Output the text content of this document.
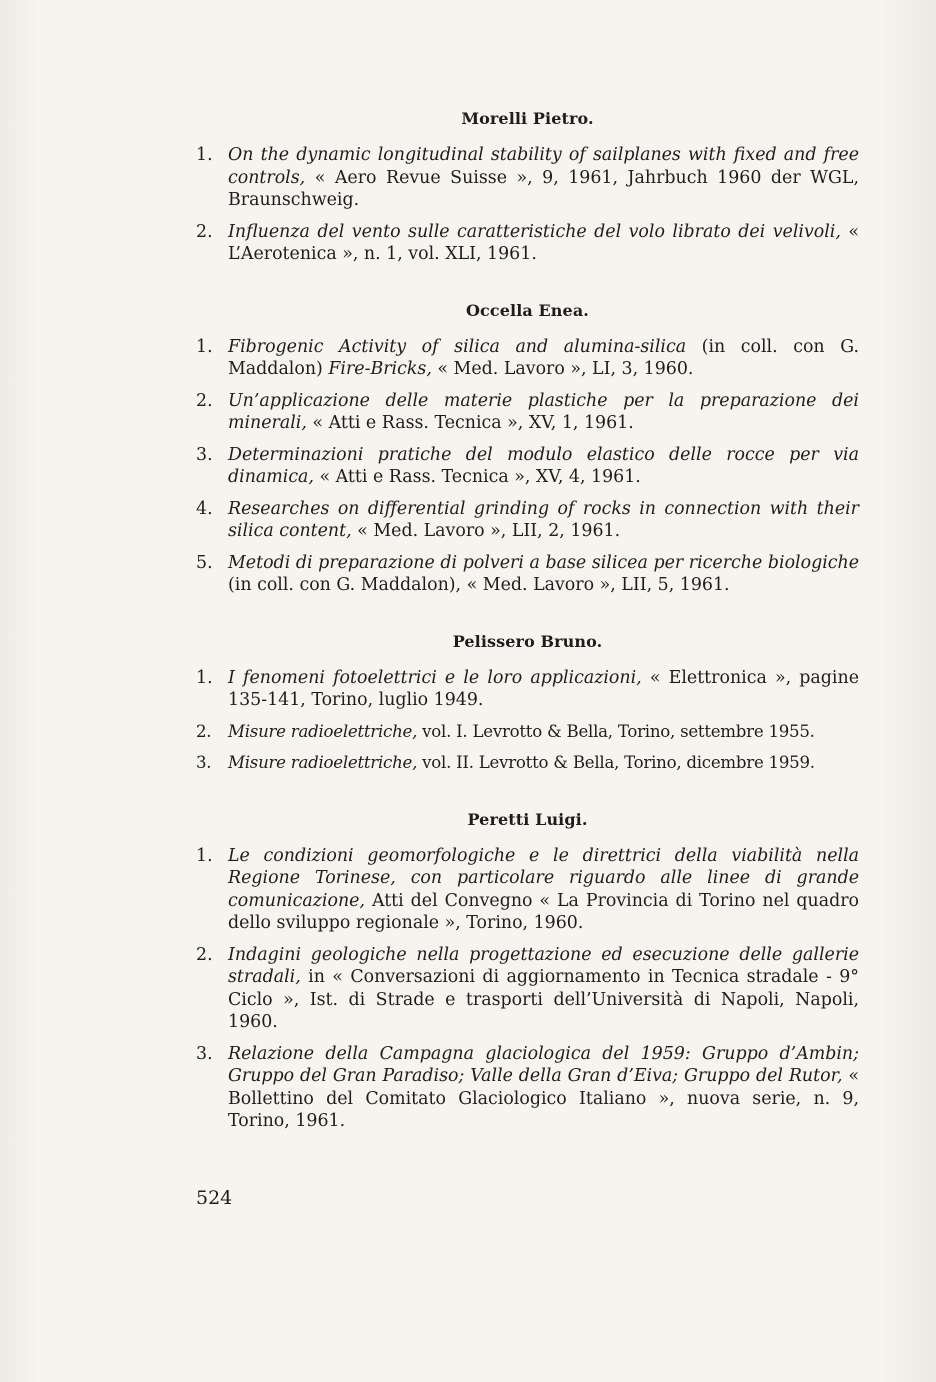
Morelli Pietro.
1. On the dynamic longitudinal stability of sailplanes with fixed and free controls, « Aero Revue Suisse », 9, 1961, Jahrbuch 1960 der WGL, Braunschweig.
2. Influenza del vento sulle caratteristiche del volo librato dei velivoli, « L’Aerotenica », n. 1, vol. XLI, 1961.
Occella Enea.
1. Fibrogenic Activity of silica and alumina-silica (in coll. con G. Maddalon) Fire-Bricks, « Med. Lavoro », LI, 3, 1960.
2. Un’applicazione delle materie plastiche per la preparazione dei minerali, « Atti e Rass. Tecnica », XV, 1, 1961.
3. Determinazioni pratiche del modulo elastico delle rocce per via dinamica, « Atti e Rass. Tecnica », XV, 4, 1961.
4. Researches on differential grinding of rocks in connection with their silica content, « Med. Lavoro », LII, 2, 1961.
5. Metodi di preparazione di polveri a base silicea per ricerche biologiche (in coll. con G. Maddalon), « Med. Lavoro », LII, 5, 1961.
Pelissero Bruno.
1. I fenomeni fotoelettrici e le loro applicazioni, « Elettronica », pagine 135-141, Torino, luglio 1949.
2.	Misure radioelettriche, vol. I. Levrotto & Bella, Torino, settembre 1955.
3.	Misure radioelettriche, vol. II. Levrotto & Bella, Torino, dicembre 1959.
Peretti Luigi.
1. Le condizioni geomorfologiche e le direttrici della viabilità nella Regione Torinese, con particolare riguardo alle linee di grande comunicazione, Atti del Convegno « La Provincia di Torino nel quadro dello sviluppo regionale », Torino, 1960.
2. Indagini geologiche nella progettazione ed esecuzione delle gallerie stradali, in « Conversazioni di aggiornamento in Tecnica stradale - 9° Ciclo », Ist. di Strade e trasporti dell’Università di Napoli, Napoli, 1960.
3. Relazione della Campagna glaciologica del 1959: Gruppo d’Ambin; Gruppo del Gran Paradiso; Valle della Gran d’Eiva; Gruppo del Rutor, « Bollettino del Comitato Glaciologico Italiano », nuova serie, n. 9, Torino, 1961.
524
